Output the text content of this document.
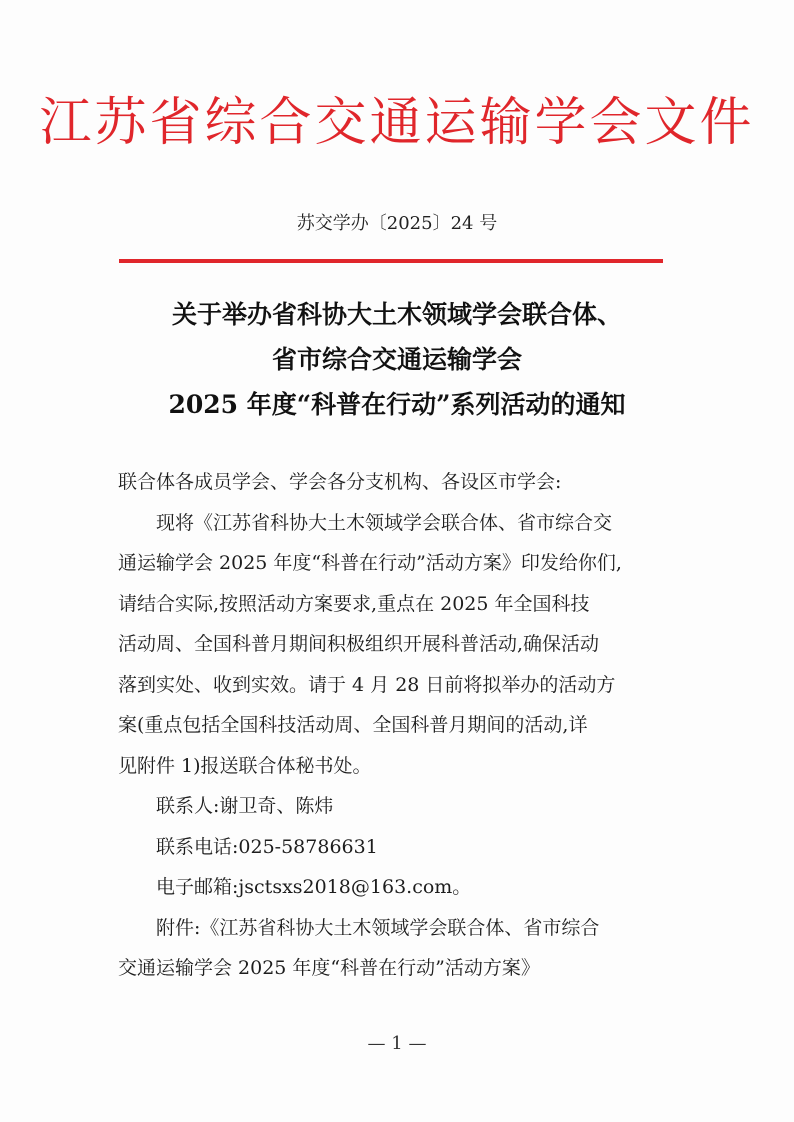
江苏省综合交通运输学会文件
苏交学办〔2025〕24 号
关于举办省科协大土木领域学会联合体、
省市综合交通运输学会
2025 年度“科普在行动”系列活动的通知

联合体各成员学会、学会各分支机构、各设区市学会:

现将《江苏省科协大土木领域学会联合体、省市综合交

通运输学会 2025 年度“科普在行动”活动方案》印发给你们,

请结合实际,按照活动方案要求,重点在 2025 年全国科技

活动周、全国科普月期间积极组织开展科普活动,确保活动

落到实处、收到实效。请于 4 月 28 日前将拟举办的活动方

案(重点包括全国科技活动周、全国科普月期间的活动,详

见附件 1)报送联合体秘书处。

联系人:谢卫奇、陈炜

联系电话:025-58786631

电子邮箱:jsctsxs2018@163.com。

附件:《江苏省科协大土木领域学会联合体、省市综合

交通运输学会 2025 年度“科普在行动”活动方案》

— 1 —
